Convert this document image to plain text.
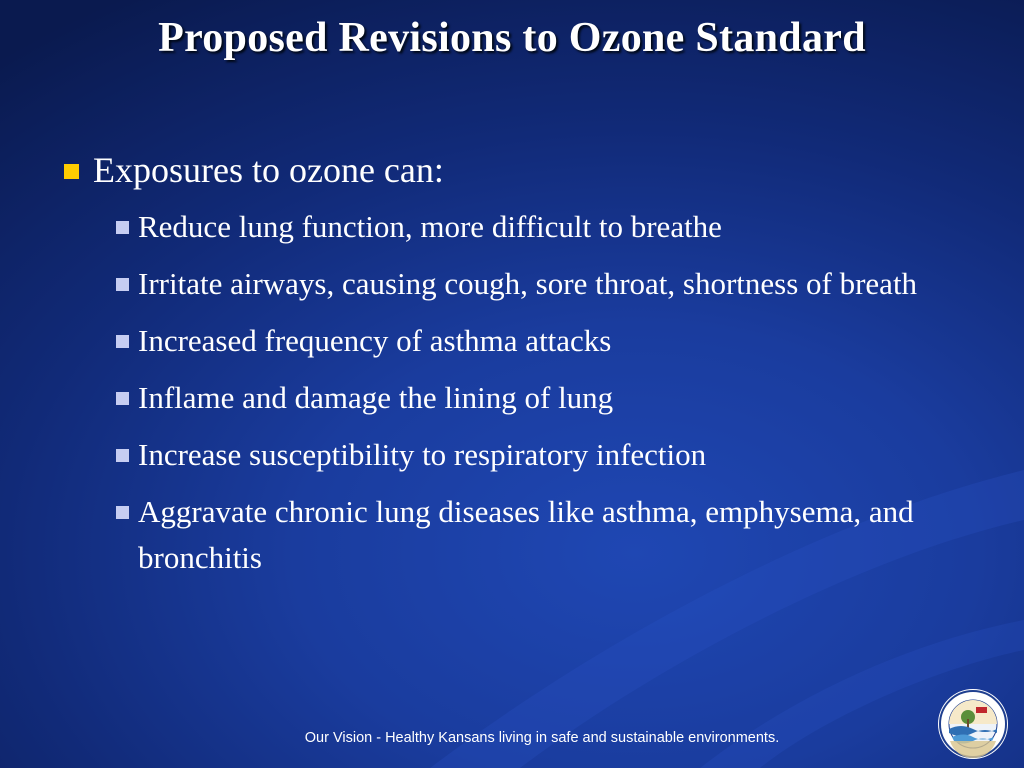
Proposed Revisions to Ozone Standard
Exposures to ozone can:
Reduce lung function, more difficult to breathe
Irritate airways, causing cough, sore throat, shortness of breath
Increased frequency of asthma attacks
Inflame and damage the lining of lung
Increase susceptibility to respiratory infection
Aggravate chronic lung diseases like asthma, emphysema, and bronchitis
Our Vision - Healthy Kansans living in safe and sustainable environments.
